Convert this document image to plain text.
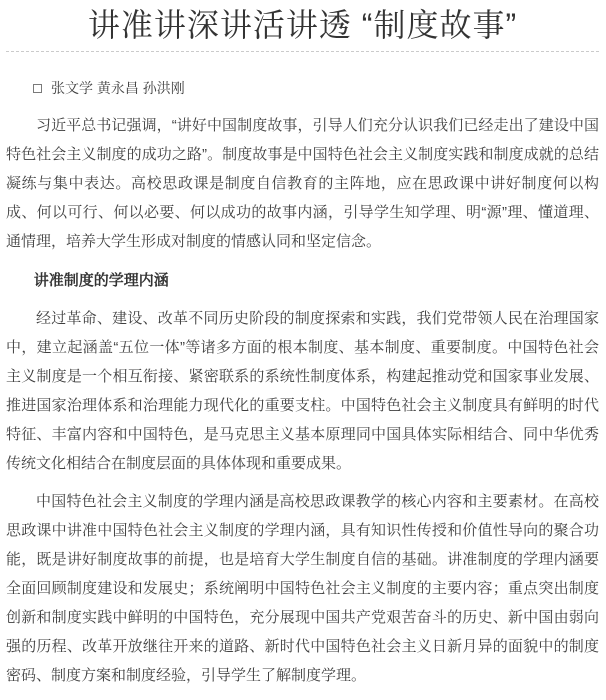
讲准讲深讲活讲透 “制度故事”
张文学 黄永昌 孙洪刚

习近平总书记强调，“讲好中国制度故事，引导人们充分认识我们已经走出了建设中国特色社会主义制度的成功之路”。制度故事是中国特色社会主义制度实践和制度成就的总结凝练与集中表达。高校思政课是制度自信教育的主阵地，应在思政课中讲好制度何以构成、何以可行、何以必要、何以成功的故事内涵，引导学生知学理、明“源”理、懂道理、通情理，培养大学生形成对制度的情感认同和坚定信念。

讲准制度的学理内涵

经过革命、建设、改革不同历史阶段的制度探索和实践，我们党带领人民在治理国家中，建立起涵盖“五位一体”等诸多方面的根本制度、基本制度、重要制度。中国特色社会主义制度是一个相互衔接、紧密联系的系统性制度体系，构建起推动党和国家事业发展、推进国家治理体系和治理能力现代化的重要支柱。中国特色社会主义制度具有鲜明的时代特征、丰富内容和中国特色，是马克思主义基本原理同中国具体实际相结合、同中华优秀传统文化相结合在制度层面的具体体现和重要成果。

中国特色社会主义制度的学理内涵是高校思政课教学的核心内容和主要素材。在高校思政课中讲准中国特色社会主义制度的学理内涵，具有知识性传授和价值性导向的聚合功能，既是讲好制度故事的前提，也是培育大学生制度自信的基础。讲准制度的学理内涵要全面回顾制度建设和发展史；系统阐明中国特色社会主义制度的主要内容；重点突出制度创新和制度实践中鲜明的中国特色，充分展现中国共产党艰苦奋斗的历史、新中国由弱向强的历程、改革开放继往开来的道路、新时代中国特色社会主义日新月异的面貌中的制度密码、制度方案和制度经验，引导学生了解制度学理。
